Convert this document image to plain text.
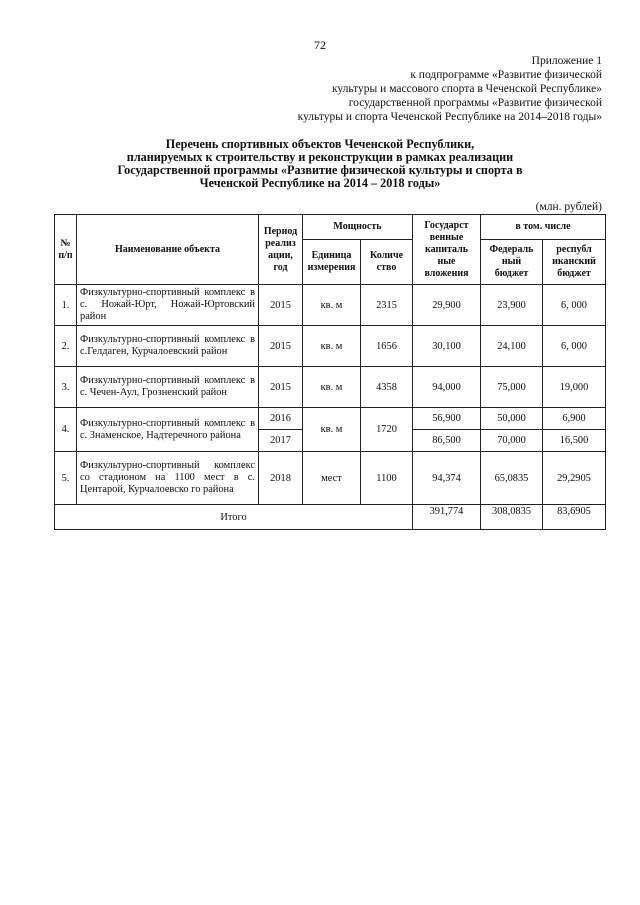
72
Приложение 1
к подпрограмме «Развитие физической
культуры и массового спорта в Чеченской Республике»
государственной программы «Развитие физической
культуры и спорта Чеченской Республике на 2014–2018 годы»
Перечень спортивных объектов Чеченской Республики,
планируемых к строительству и реконструкции в рамках реализации
Государственной программы «Развитие физической культуры и спорта в
Чеченской Республике на 2014 – 2018 годы»
(млн. рублей)
№ п/п	Наименование объекта	Период реализ ации, год	Мощность		Государст венные капиталь ные вложения	в том. числе	
			Единица измерения	Количе ство		Федераль ный бюджет	республ иканский бюджет
1.	Физкультурно-спортивный комплекс в с. Ножай-Юрт, Ножай-Юртовский район	2015	кв. м	2315	29,900	23,900	6, 000
2.	Физкультурно-спортивный комплекс в с.Гелдаген, Курчалоевский район	2015	кв. м	1656	30,100	24,100	6, 000
3.	Физкультурно-спортивный комплекс в с. Чечен-Аул, Грозненский район	2015	кв. м	4358	94,000	75,000	19,000
4.	Физкультурно-спортивный комплекс в с. Знаменское, Надтеречного района	2016	кв. м	1720	56,900	50,000	6,900
		2017			86,500	70,000	16,500
5.	Физкультурно-спортивный комплекс со стадионом на 1100 мест в с. Центарой, Курчалоевско го района	2018	мест	1100	94,374	65,0835	29,2905
Итого					391,774	308,0835	83,6905
